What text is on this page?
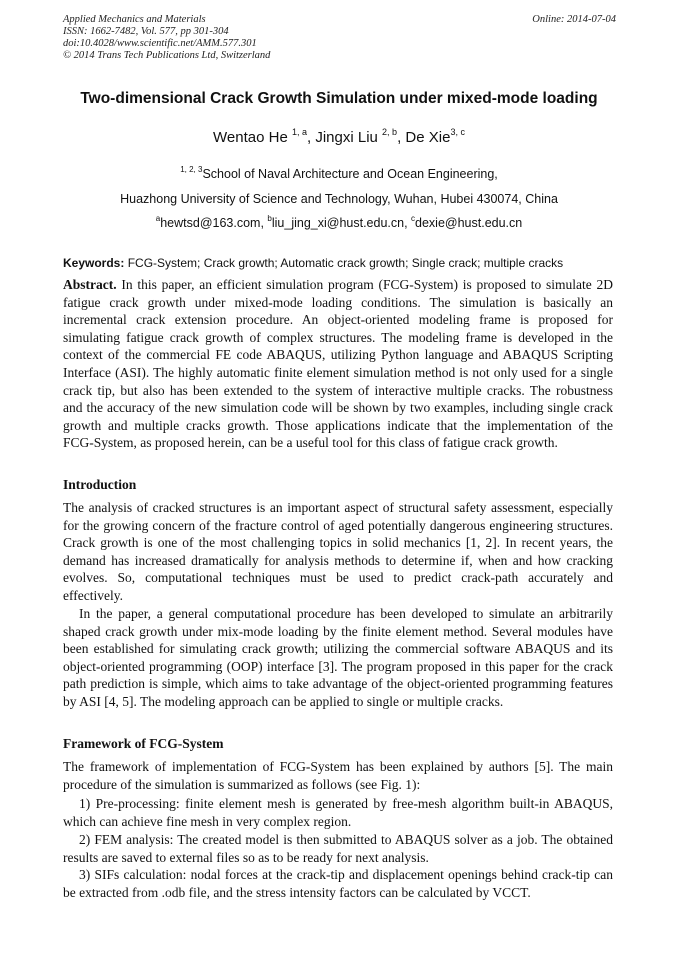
Applied Mechanics and Materials
ISSN: 1662-7482, Vol. 577, pp 301-304
doi:10.4028/www.scientific.net/AMM.577.301
© 2014 Trans Tech Publications Ltd, Switzerland
Online: 2014-07-04
Two-dimensional Crack Growth Simulation under mixed-mode loading
Wentao He $^{1, a}$, Jingxi Liu $^{2, b}$, De Xie$^{3, c}$
$^{1, 2, 3}$School of Naval Architecture and Ocean Engineering,
Huazhong University of Science and Technology, Wuhan, Hubei 430074, China
$^a$hewtsd@163.com, $^b$liu_jing_xi@hust.edu.cn, $^c$dexie@hust.edu.cn
Keywords: FCG-System; Crack growth; Automatic crack growth; Single crack; multiple cracks
Abstract. In this paper, an efficient simulation program (FCG-System) is proposed to simulate 2D
fatigue crack growth under mixed-mode loading conditions. The simulation is basically an
incremental crack extension procedure. An object-oriented modeling frame is proposed for
simulating fatigue crack growth of complex structures. The modeling frame is developed in the
context of the commercial FE code ABAQUS, utilizing Python language and ABAQUS Scripting
Interface (ASI). The highly automatic finite element simulation method is not only used for a single
crack tip, but also has been extended to the system of interactive multiple cracks. The robustness
and the accuracy of the new simulation code will be shown by two examples, including single crack
growth and multiple cracks growth. Those applications indicate that the implementation of the
FCG-System, as proposed herein, can be a useful tool for this class of fatigue crack growth.
Introduction
The analysis of cracked structures is an important aspect of structural safety assessment, especially
for the growing concern of the fracture control of aged potentially dangerous engineering structures.
Crack growth is one of the most challenging topics in solid mechanics [1, 2]. In recent years, the
demand has increased dramatically for analysis methods to determine if, when and how cracking
evolves. So, computational techniques must be used to predict crack-path accurately and
effectively.
In the paper, a general computational procedure has been developed to simulate an arbitrarily
shaped crack growth under mix-mode loading by the finite element method. Several modules have
been established for simulating crack growth; utilizing the commercial software ABAQUS and its
object-oriented programming (OOP) interface [3]. The program proposed in this paper for the crack
path prediction is simple, which aims to take advantage of the object-oriented programming features
by ASI [4, 5]. The modeling approach can be applied to single or multiple cracks.
Framework of FCG-System
The framework of implementation of FCG-System has been explained by authors [5]. The main
procedure of the simulation is summarized as follows (see Fig. 1):
1) Pre-processing: finite element mesh is generated by free-mesh algorithm built-in ABAQUS,
which can achieve fine mesh in very complex region.
2) FEM analysis: The created model is then submitted to ABAQUS solver as a job. The obtained
results are saved to external files so as to be ready for next analysis.
3) SIFs calculation: nodal forces at the crack-tip and displacement openings behind crack-tip can
be extracted from .odb file, and the stress intensity factors can be calculated by VCCT.
